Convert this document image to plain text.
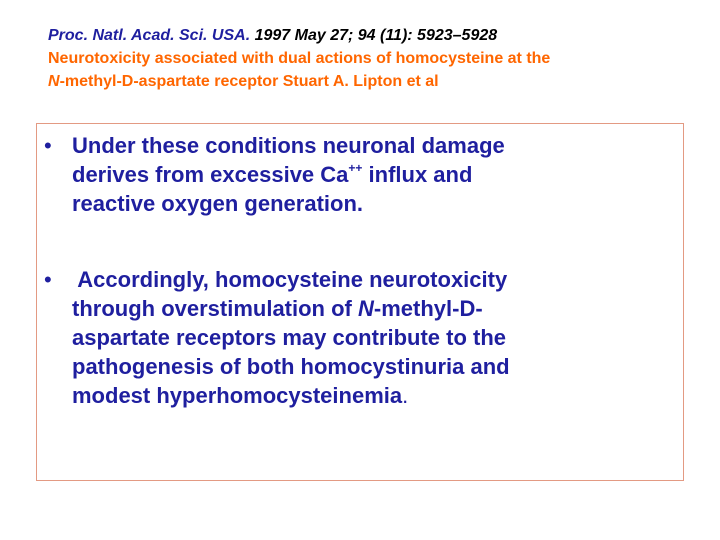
Proc. Natl. Acad. Sci. USA. 1997 May 27; 94 (11): 5923–5928
Neurotoxicity associated with dual actions of homocysteine at the
N-methyl-D-aspartate receptor Stuart A. Lipton et al
• Under these conditions neuronal damage
derives from excessive Ca++ influx and
reactive oxygen generation.
• Accordingly, homocysteine neurotoxicity
through overstimulation of N-methyl-D-
aspartate receptors may contribute to the
pathogenesis of both homocystinuria and
modest hyperhomocysteinemia.
